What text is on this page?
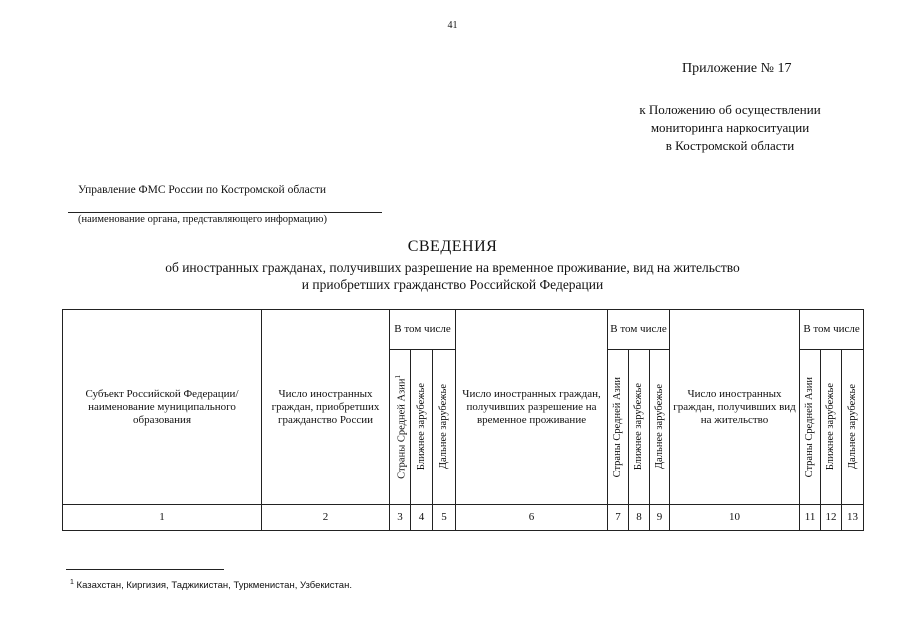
41
Приложение № 17
к Положению об осуществлении
мониторинга наркоситуации
в Костромской области
Управление ФМС России по Костромской области
(наименование органа, представляющего информацию)
СВЕДЕНИЯ
об иностранных гражданах, получивших разрешение на временное проживание, вид на жительство
и приобретших гражданство Российской Федерации
Субъект Российской Федерации/наименование муниципального образования	Число иностранных граждан, приобретших гражданство России	В том числе			Число иностранных граждан, получивших разрешение на временное проживание	В том числе			Число иностранных граждан, получивших вид на жительство	В том числе		

		Страны Средней Азии$^1$	Ближнее зарубежье	Дальнее зарубежье		Страны Средней Азии	Ближнее зарубежье	Дальнее зарубежье		Страны Средней Азии	Ближнее зарубежье	Дальнее зарубежье

1	2	3	4	5	6	7	8	9	10	11	12	13
$^1$ Казахстан, Киргизия, Таджикистан, Туркменистан, Узбекистан.
